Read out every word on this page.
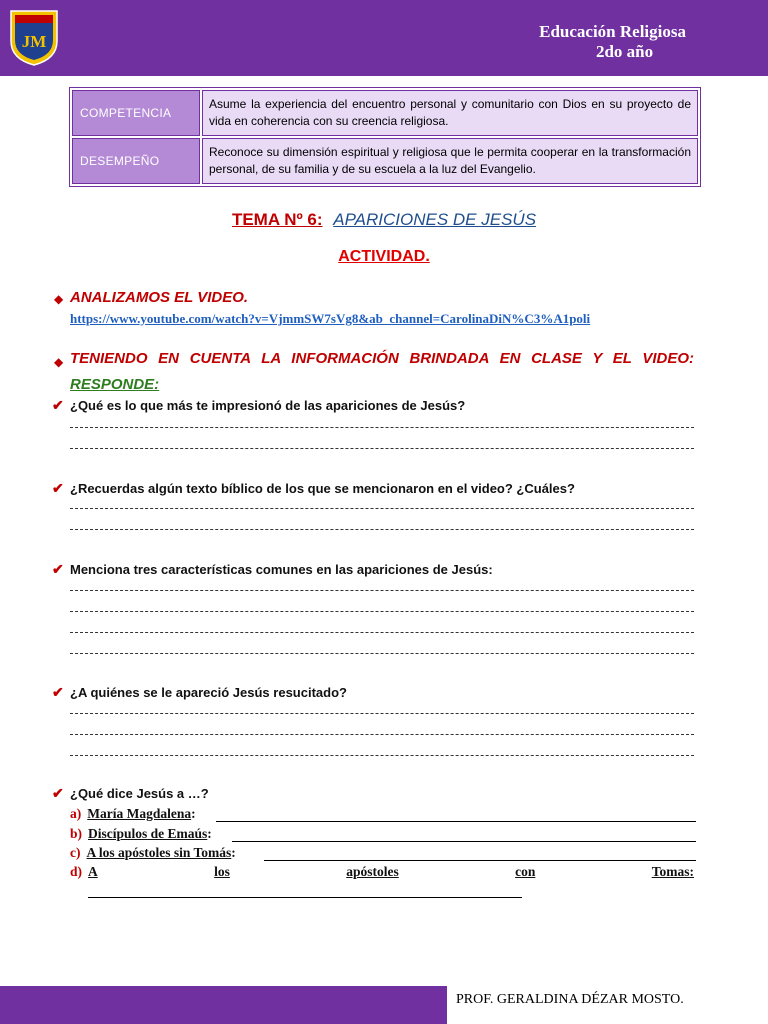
JM
Educación Religiosa
2do año
COMPETENCIA	Asume la experiencia del encuentro personal y comunitario con Dios en su proyecto de vida en coherencia con su creencia religiosa.
DESEMPEÑO	Reconoce su dimensión espiritual y religiosa que le permita cooperar en la transformación personal, de su familia y de su escuela a la luz del Evangelio.
TEMA Nº 6: APARICIONES DE JESÚS
ACTIVIDAD.
◆ ANALIZAMOS EL VIDEO.
https://www.youtube.com/watch?v=VjmmSW7sVg8&ab_channel=CarolinaDiN%C3%A1poli
◆ TENIENDO EN CUENTA LA INFORMACIÓN BRINDADA EN CLASE Y EL VIDEO:
RESPONDE:
✔ ¿Qué es lo que más te impresionó de las apariciones de Jesús?
✔ ¿Recuerdas algún texto bíblico de los que se mencionaron en el video? ¿Cuáles?
✔ Menciona tres características comunes en las apariciones de Jesús:
✔ ¿A quiénes se le apareció Jesús resucitado?
✔ ¿Qué dice Jesús a …?
a) María Magdalena:
b) Discípulos de Emaús:
c) A los apóstoles sin Tomás:
d) A	los	apóstoles	con	Tomas:
PROF. GERALDINA DÉZAR MOSTO.
